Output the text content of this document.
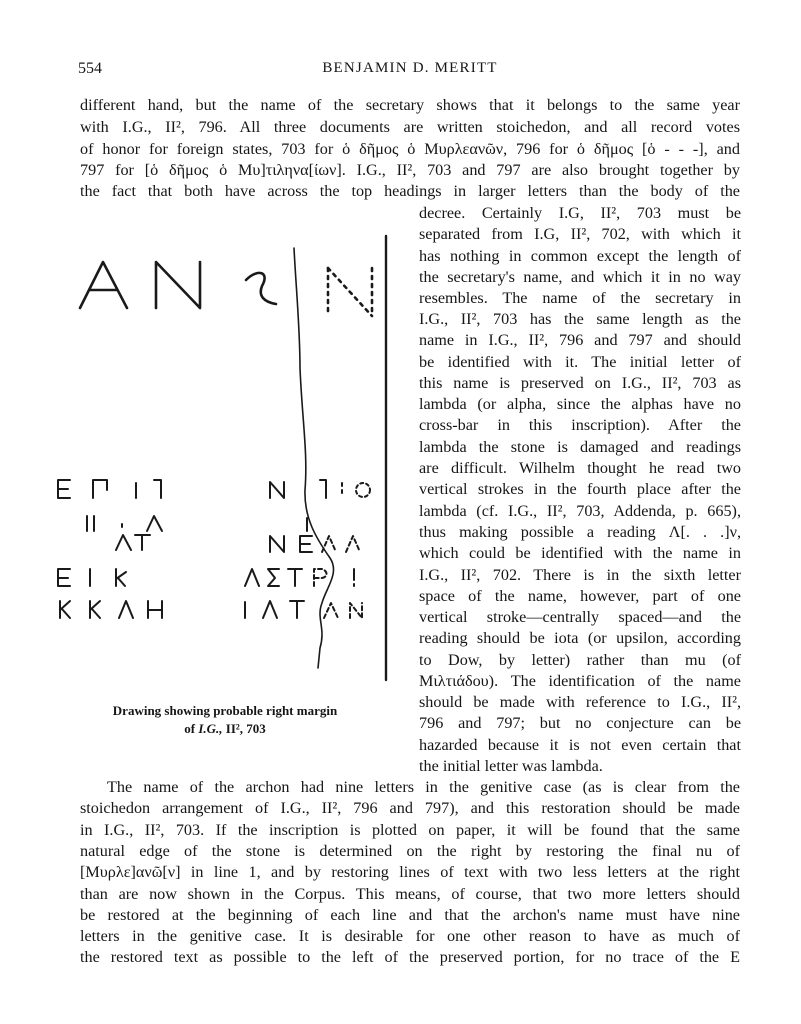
554	BENJAMIN D. MERITT
different hand, but the name of the secretary shows that it belongs to the same year
with I.G., II², 796. All three documents are written stoichedon, and all record votes
of honor for foreign states, 703 for ὁ δῆμος ὁ Μυρλεανῶν, 796 for ὁ δῆμος [ὁ - - -], and
797 for [ὁ δῆμος ὁ Μυ]τιληνα[ίων]. I.G., II², 703 and 797 are also brought together by
the fact that both have across the top headings in larger letters than the body of the
decree. Certainly I.G, II², 703 must be
separated from I.G, II², 702, with which it
has nothing in common except the length of
the secretary's name, and which it in no way
resembles. The name of the secretary in
I.G., II², 703 has the same length as the
name in I.G., II², 796 and 797 and should
be identified with it. The initial letter of
this name is preserved on I.G., II², 703 as
lambda (or alpha, since the alphas have no
cross-bar in this inscription). After the
lambda the stone is damaged and readings
are difficult. Wilhelm thought he read two
vertical strokes in the fourth place after the
lambda (cf. I.G., II², 703, Addenda, p. 665),
thus making possible a reading Λ[. . .]ν,
which could be identified with the name in
I.G., II², 702. There is in the sixth letter
space of the name, however, part of one
vertical stroke—centrally spaced—and the
reading should be iota (or upsilon, according
to Dow, by letter) rather than mu (of
Μιλτιάδου). The identification of the name
should be made with reference to I.G., II²,
796 and 797; but no conjecture can be
hazarded because it is not even certain that
the initial letter was lambda.
The name of the archon had nine letters in the genitive case (as is clear from the
stoichedon arrangement of I.G., II², 796 and 797), and this restoration should be made
in I.G., II², 703. If the inscription is plotted on paper, it will be found that the same
natural edge of the stone is determined on the right by restoring the final nu of
[Μυρλε]ανῶ[ν] in line 1, and by restoring lines of text with two less letters at the right
than are now shown in the Corpus. This means, of course, that two more letters should
be restored at the beginning of each line and that the archon's name must have nine
letters in the genitive case. It is desirable for one other reason to have as much of
the restored text as possible to the left of the preserved portion, for no trace of the E
Drawing showing probable right margin
of I.G., II², 703
